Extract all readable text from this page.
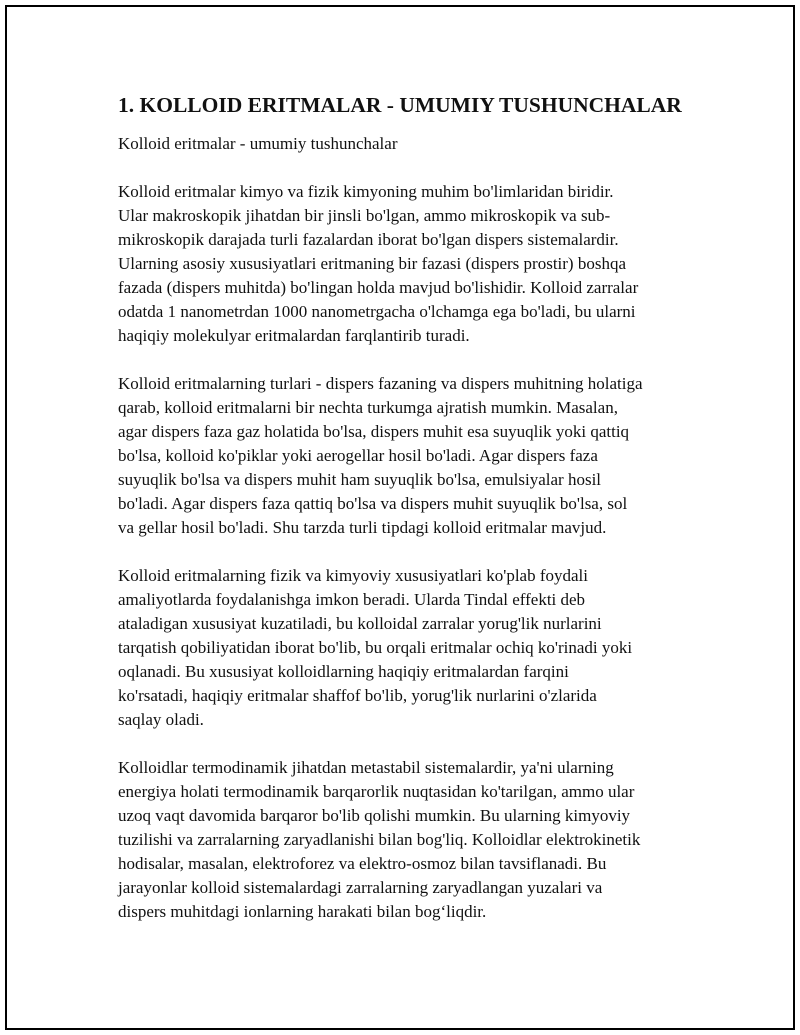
1. KOLLOID ERITMALAR - UMUMIY TUSHUNCHALAR
Kolloid eritmalar - umumiy tushunchalar
Kolloid eritmalar kimyo va fizik kimyoning muhim bo'limlaridan biridir.
Ular makroskopik jihatdan bir jinsli bo'lgan, ammo mikroskopik va sub-
mikroskopik darajada turli fazalardan iborat bo'lgan dispers sistemalardir.
Ularning asosiy xususiyatlari eritmaning bir fazasi (dispers prostir) boshqa
fazada (dispers muhitda) bo'lingan holda mavjud bo'lishidir. Kolloid zarralar
odatda 1 nanometrdan 1000 nanometrgacha o'lchamga ega bo'ladi, bu ularni
haqiqiy molekulyar eritmalardan farqlantirib turadi.
Kolloid eritmalarning turlari - dispers fazaning va dispers muhitning holatiga
qarab, kolloid eritmalarni bir nechta turkumga ajratish mumkin. Masalan,
agar dispers faza gaz holatida bo'lsa, dispers muhit esa suyuqlik yoki qattiq
bo'lsa, kolloid ko'piklar yoki aerogellar hosil bo'ladi. Agar dispers faza
suyuqlik bo'lsa va dispers muhit ham suyuqlik bo'lsa, emulsiyalar hosil
bo'ladi. Agar dispers faza qattiq bo'lsa va dispers muhit suyuqlik bo'lsa, sol
va gellar hosil bo'ladi. Shu tarzda turli tipdagi kolloid eritmalar mavjud.
Kolloid eritmalarning fizik va kimyoviy xususiyatlari ko'plab foydali
amaliyotlarda foydalanishga imkon beradi. Ularda Tindal effekti deb
ataladigan xususiyat kuzatiladi, bu kolloidal zarralar yorug'lik nurlarini
tarqatish qobiliyatidan iborat bo'lib, bu orqali eritmalar ochiq ko'rinadi yoki
oqlanadi. Bu xususiyat kolloidlarning haqiqiy eritmalardan farqini
ko'rsatadi, haqiqiy eritmalar shaffof bo'lib, yorug'lik nurlarini o'zlarida
saqlay oladi.
Kolloidlar termodinamik jihatdan metastabil sistemalardir, ya'ni ularning
energiya holati termodinamik barqarorlik nuqtasidan ko'tarilgan, ammo ular
uzoq vaqt davomida barqaror bo'lib qolishi mumkin. Bu ularning kimyoviy
tuzilishi va zarralarning zaryadlanishi bilan bog'liq. Kolloidlar elektrokinetik
hodisalar, masalan, elektroforez va elektro-osmoz bilan tavsiflanadi. Bu
jarayonlar kolloid sistemalardagi zarralarning zaryadlangan yuzalari va
dispers muhitdagi ionlarning harakati bilan bog‘liqdir.
